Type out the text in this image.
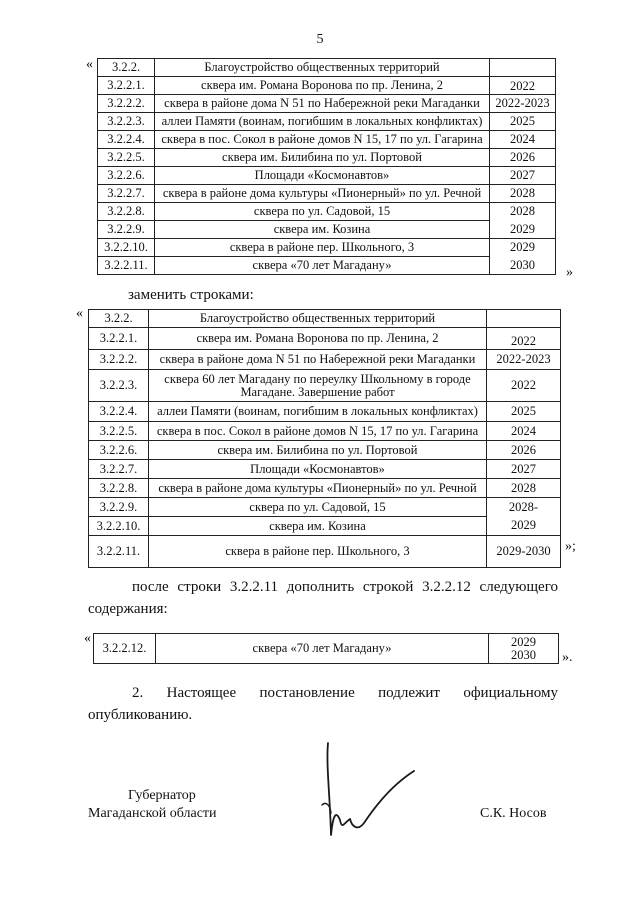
5
« 3.2.2.	Благоустройство общественных территорий	
3.2.2.1.	скверa им. Романа Воронова по пр. Ленина, 2	2022
3.2.2.2.	сквера в районе дома N 51 по Набережной реки Магаданки	2022-2023
3.2.2.3.	аллеи Памяти (воинам, погибшим в локальных конфликтах)	2025
3.2.2.4.	сквера в пос. Сокол в районе домов N 15, 17 по ул. Гагарина	2024
3.2.2.5.	сквера им. Билибина по ул. Портовой	2026
3.2.2.6.	Площади «Космонавтов»	2027
3.2.2.7.	сквера в районе дома культуры «Пионерный» по ул. Речной	2028
3.2.2.8.	сквера по ул. Садовой, 15	2028
3.2.2.9.	сквера им. Козина	2029
3.2.2.10.	сквера в районе пер. Школьного, 3	2029
3.2.2.11.	сквера «70 лет Магадану»	2030
»
заменить строками:
« 3.2.2.	Благоустройство общественных территорий	
3.2.2.1.	сквера им. Романа Воронова по пр. Ленина, 2	2022
3.2.2.2.	сквера в районе дома N 51 по Набережной реки Магаданки	2022-2023
3.2.2.3.	сквера 60 лет Магадану по переулку Школьному в городе Магадане. Завершение работ	2022
3.2.2.4.	аллеи Памяти (воинам, погибшим в локальных конфликтах)	2025
3.2.2.5.	сквера в пос. Сокол в районе домов N 15, 17 по ул. Гагарина	2024
3.2.2.6.	сквера им. Билибина по ул. Портовой	2026
3.2.2.7.	Площади «Космонавтов»	2027
3.2.2.8.	сквера в районе дома культуры «Пионерный» по ул. Речной	2028
3.2.2.9.	сквера по ул. Садовой, 15	2028-
3.2.2.10.	сквера им. Козина	2029
3.2.2.11.	сквера в районе пер. Школьного, 3	2029-2030 »;
после строки 3.2.2.11 дополнить строкой 3.2.2.12 следующего содержания:
«
3.2.2.12.	сквера «70 лет Магадану»	2029 2030 ».
2. Настоящее постановление подлежит официальному опубликованию.
Губернатор
Магаданской области	С.К. Носов
